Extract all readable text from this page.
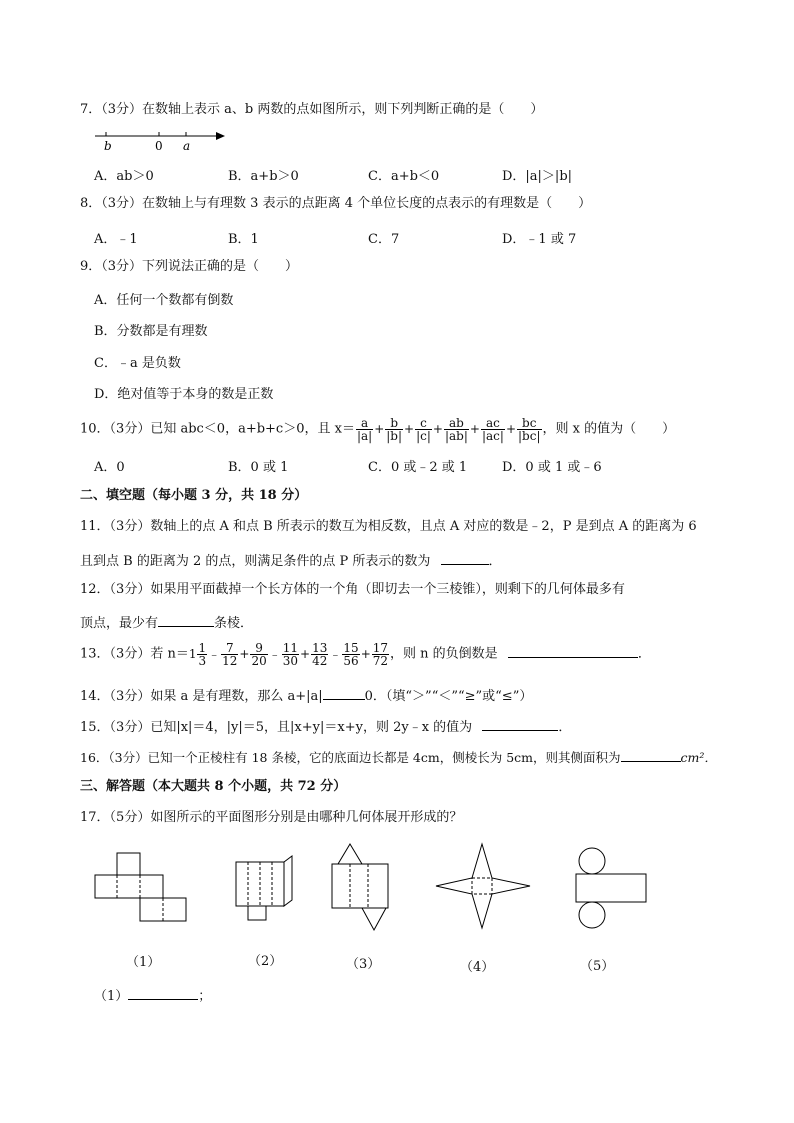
7．（3分）在数轴上表示 a、b 两数的点如图所示，则下列判断正确的是（　　）
b	0 a
A．ab＞0	B．a+b＞0	C．a+b＜0	D．|a|＞|b|
8．（3分）在数轴上与有理数 3 表示的点距离 4 个单位长度的点表示的有理数是（　　）
A．﹣1	B．1	C．7	D．﹣1 或 7
9．（3分）下列说法正确的是（　　）
A．任何一个数都有倒数
B．分数都是有理数
C．﹣a 是负数
D．绝对值等于本身的数是正数
10．（3分）已知 abc＜0，a+b+c＞0，且 $x= \frac{a}{|a|} + \frac{b}{|b|} + \frac{c}{|c|} + \frac{ab}{|ab|} + \frac{ac}{|ac|} + \frac{bc}{|bc|}$ ，则 x 的值为（　　）
A．0	B．0 或 1	C．0 或﹣2 或 1	D．0 或 1 或﹣6
二、填空题（每小题 3 分，共 18 分）
11．（3分）数轴上的点 A 和点 B 所表示的数互为相反数，且点 A 对应的数是﹣2，P 是到点 A 的距离为 6
且到点 B 的距离为 2 的点，则满足条件的点 P 所表示的数为	．
12．（3分）如果用平面截掉一个长方体的一个角（即切去一个三棱锥），则剩下的几何体最多有
顶点，最少有	条棱．
13．（3分）若 $n=1 \frac{1}{3}$ ﹣ $\frac{7}{12} + \frac{9}{20}$ ﹣ $\frac{11}{30} + \frac{13}{42}$ ﹣ $\frac{15}{56} + \frac{17}{72}$ ，则 n 的负倒数是	．
14．（3分）如果 a 是有理数，那么 a+|a|	0．（填“＞”“＜”“≥”或“≤”）
15．（3分）已知|x|＝4，|y|＝5，且|x+y|＝x+y，则 2y﹣x 的值为	．
16．（3分）已知一个正棱柱有 18 条棱，它的底面边长都是 4cm，侧棱长为 5cm，则其侧面积为	cm²．
三、解答题（本大题共 8 个小题，共 72 分）
17．（5分）如图所示的平面图形分别是由哪种几何体展开形成的？
（1）	（2）	（3）	（4）	（5）
（1）	；
